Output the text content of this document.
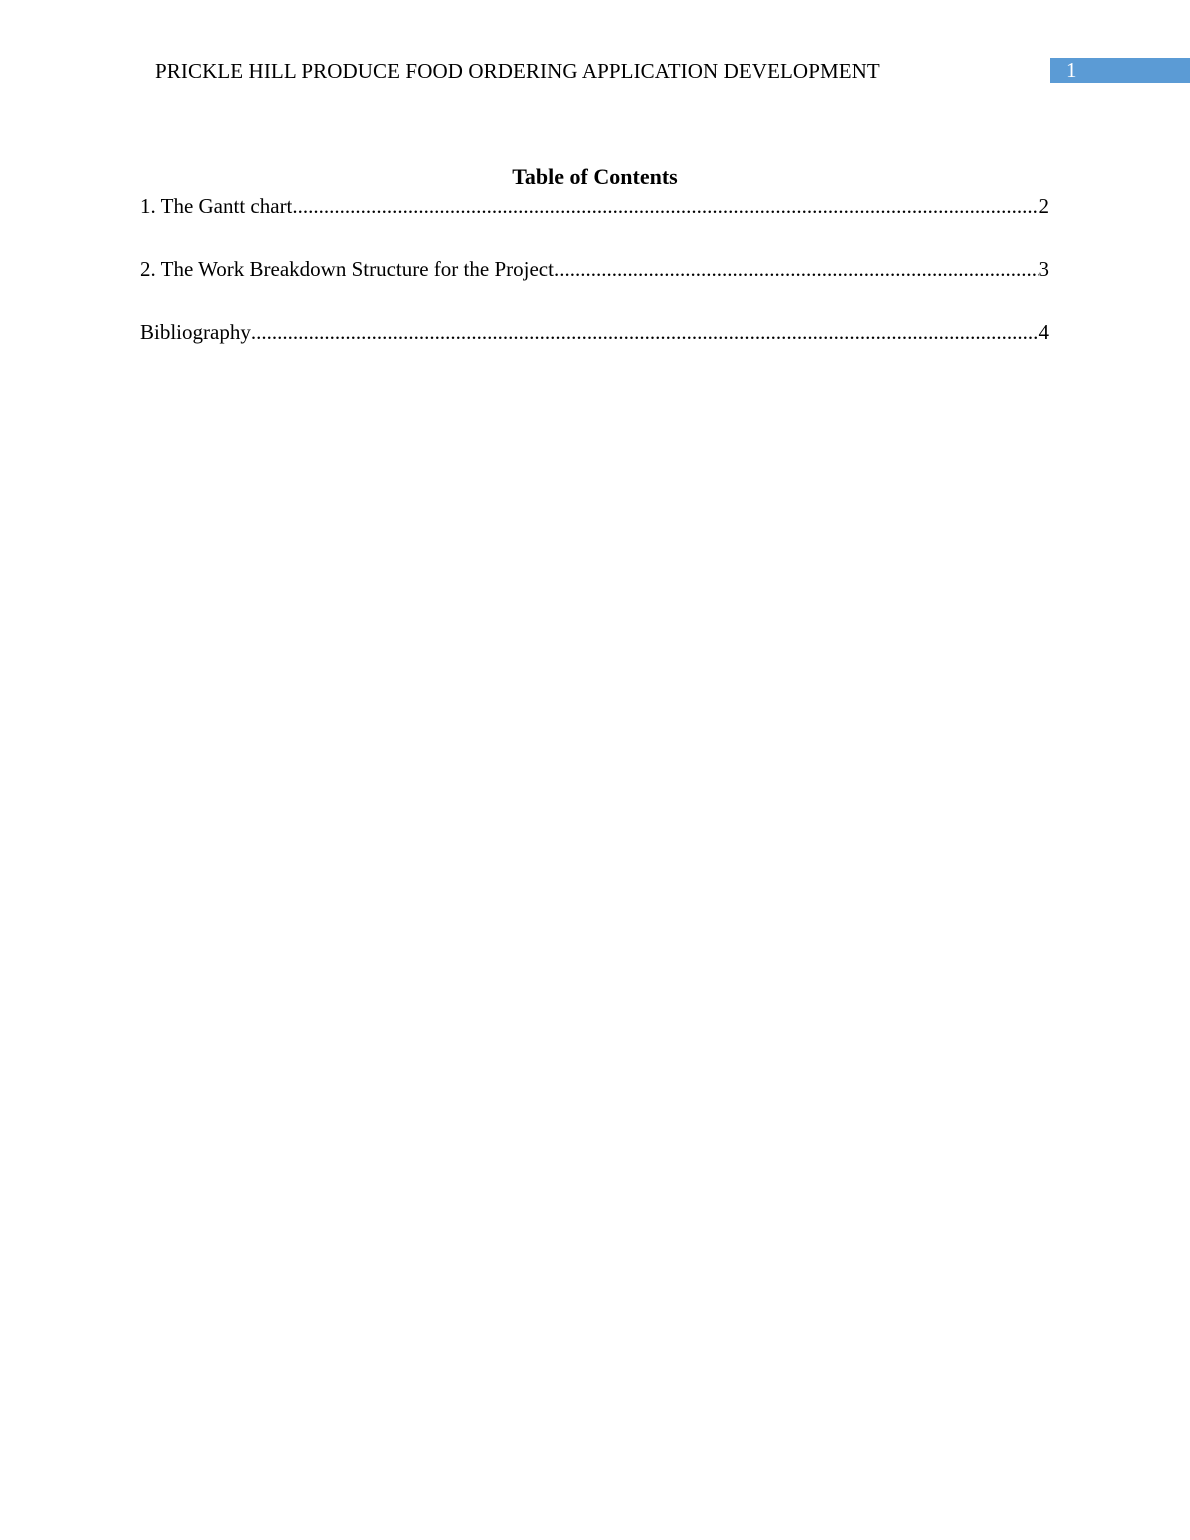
PRICKLE HILL PRODUCE FOOD ORDERING APPLICATION DEVELOPMENT	1
Table of Contents
1. The Gantt chart .....	2
2. The Work Breakdown Structure for the Project .....	3
Bibliography .....	4
